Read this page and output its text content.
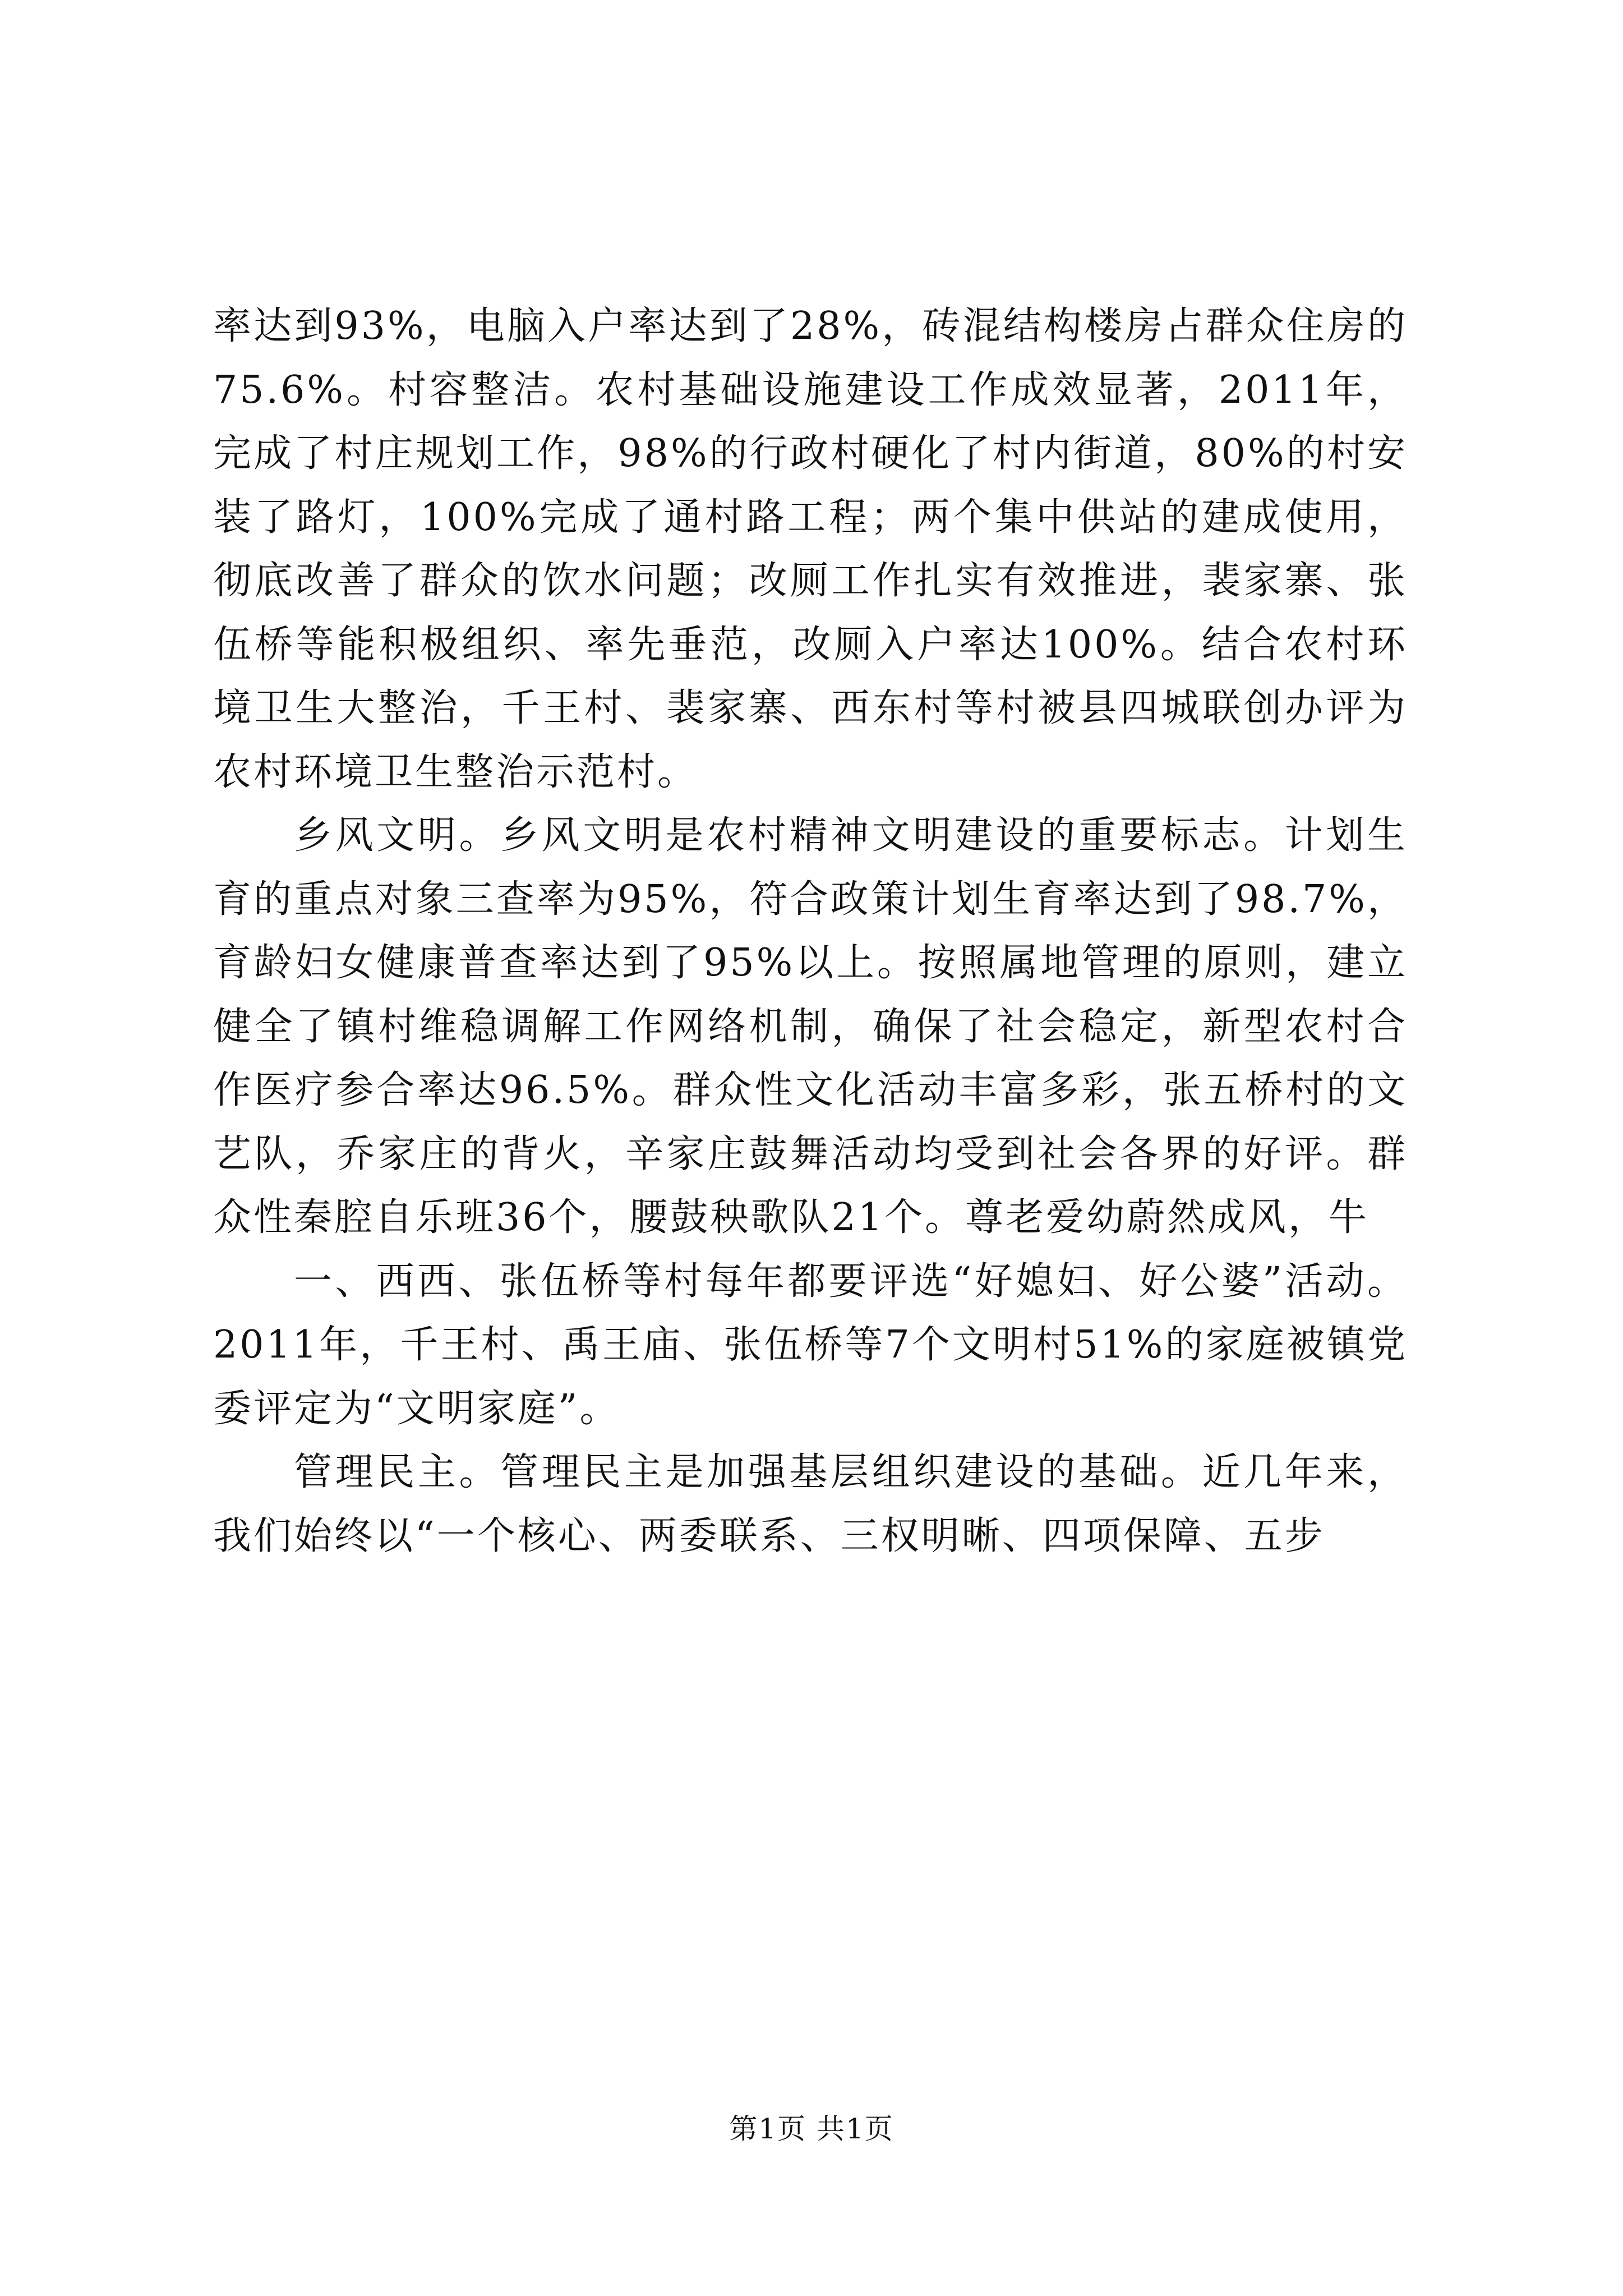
率达到93%，电脑入户率达到了28%，砖混结构楼房占群众住房的75.6%。村容整洁。农村基础设施建设工作成效显著，2011年，完成了村庄规划工作，98%的行政村硬化了村内街道，80%的村安装了路灯，100%完成了通村路工程；两个集中供站的建成使用，彻底改善了群众的饮水问题；改厕工作扎实有效推进，裴家寨、张伍桥等能积极组织、率先垂范，改厕入户率达100%。结合农村环境卫生大整治，千王村、裴家寨、西东村等村被县四城联创办评为农村环境卫生整治示范村。

乡风文明。乡风文明是农村精神文明建设的重要标志。计划生育的重点对象三查率为95%，符合政策计划生育率达到了98.7%，育龄妇女健康普查率达到了95%以上。按照属地管理的原则，建立健全了镇村维稳调解工作网络机制，确保了社会稳定，新型农村合作医疗参合率达96.5%。群众性文化活动丰富多彩，张五桥村的文艺队，乔家庄的背火，辛家庄鼓舞活动均受到社会各界的好评。群众性秦腔自乐班36个，腰鼓秧歌队21个。尊老爱幼蔚然成风，牛

一、西西、张伍桥等村每年都要评选“好媳妇、好公婆”活动。2011年，千王村、禹王庙、张伍桥等7个文明村51%的家庭被镇党委评定为“文明家庭”。

管理民主。管理民主是加强基层组织建设的基础。近几年来，我们始终以“一个核心、两委联系、三权明晰、四项保障、五步

第1页 共1页
